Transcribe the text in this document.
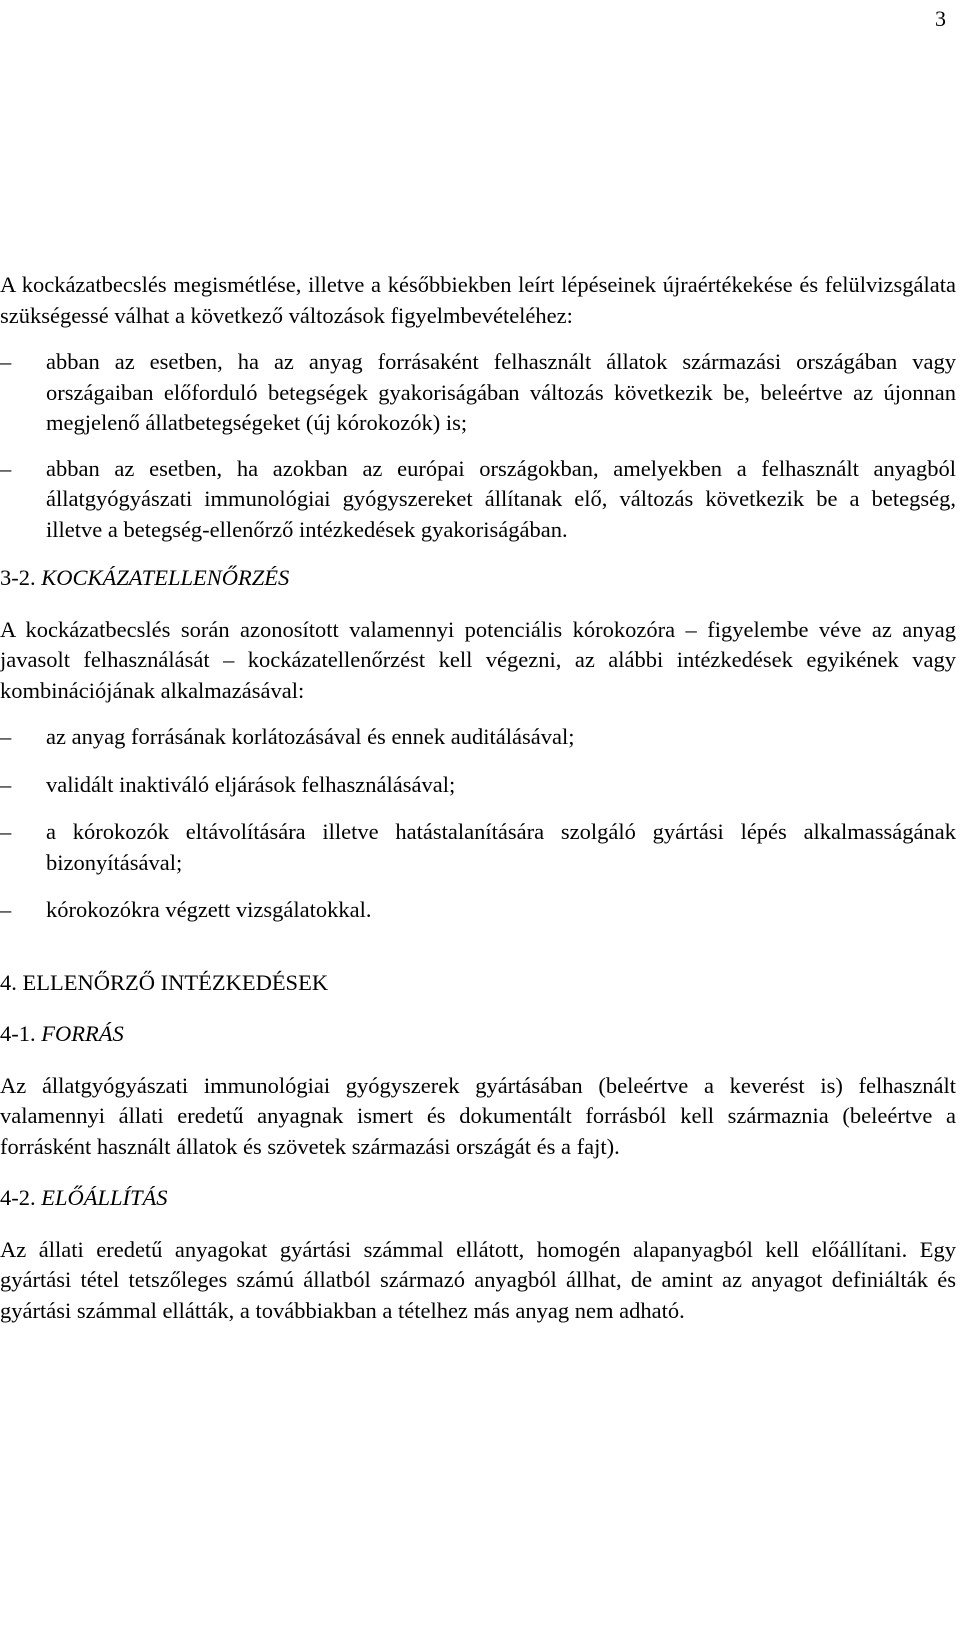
3

A kockázatbecslés megismétlése, illetve a későbbiekben leírt lépéseinek újraértékekése és felülvizsgálata szükségessé válhat a következő változások figyelmbevételéhez:

– abban az esetben, ha az anyag forrásaként felhasznált állatok származási országában vagy országaiban előforduló betegségek gyakoriságában változás következik be, beleértve az újonnan megjelenő állatbetegségeket (új kórokozók) is;
– abban az esetben, ha azokban az európai országokban, amelyekben a felhasznált anyagból állatgyógyászati immunológiai gyógyszereket állítanak elő, változás következik be a betegség, illetve a betegség-ellenőrző intézkedések gyakoriságában.
3-2. KOCKÁZATELLENŐRZÉS

A kockázatbecslés során azonosított valamennyi potenciális kórokozóra – figyelembe véve az anyag javasolt felhasználását – kockázatellenőrzést kell végezni, az alábbi intézkedések egyikének vagy kombinációjának alkalmazásával:

– az anyag forrásának korlátozásával és ennek auditálásával;
– validált inaktiváló eljárások felhasználásával;
– a kórokozók eltávolítására illetve hatástalanítására szolgáló gyártási lépés alkalmasságának bizonyításával;
– kórokozókra végzett vizsgálatokkal.
4. ELLENŐRZŐ INTÉZKEDÉSEK
4-1. FORRÁS

Az állatgyógyászati immunológiai gyógyszerek gyártásában (beleértve a keverést is) felhasznált valamennyi állati eredetű anyagnak ismert és dokumentált forrásból kell származnia (beleértve a forrásként használt állatok és szövetek származási országát és a fajt).

4-2. ELŐÁLLÍTÁS

Az állati eredetű anyagokat gyártási számmal ellátott, homogén alapanyagból kell előállítani. Egy gyártási tétel tetszőleges számú állatból származó anyagból állhat, de amint az anyagot definiálták és gyártási számmal ellátták, a továbbiakban a tételhez más anyag nem adható.
